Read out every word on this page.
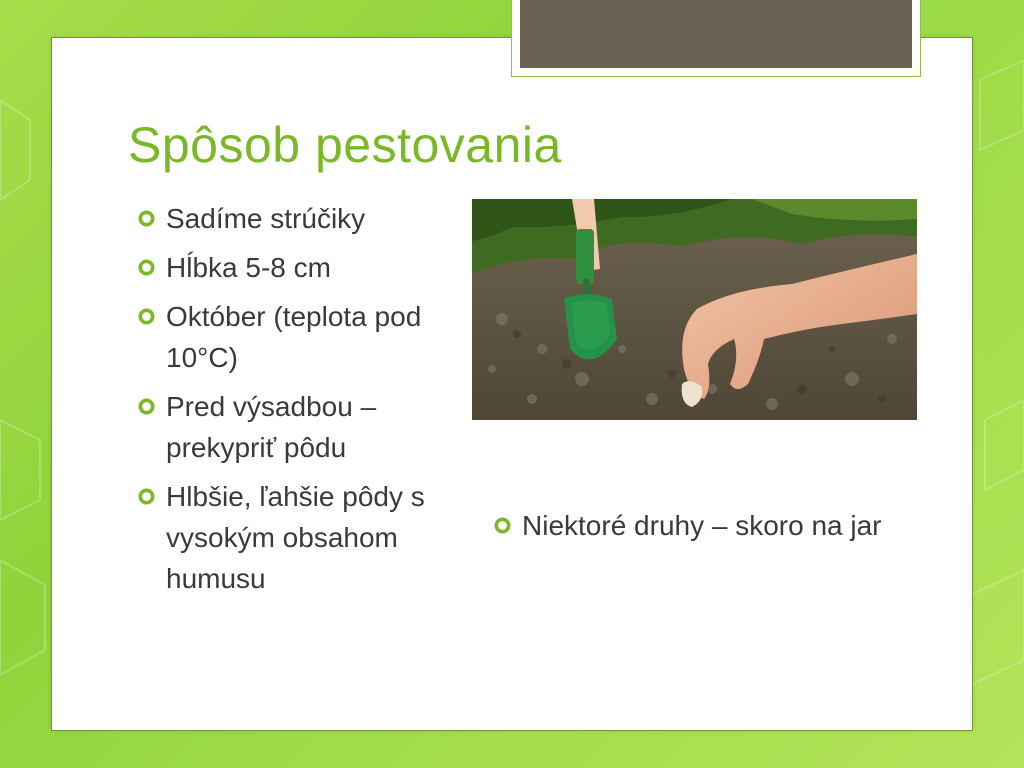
Spôsob pestovania
Sadíme strúčiky
Hĺbka 5-8 cm
Október (teplota pod 10°C)
Pred výsadbou – prekypriť pôdu
Hlbšie, ľahšie pôdy s vysokým obsahom humusu
Niektoré druhy – skoro na jar
